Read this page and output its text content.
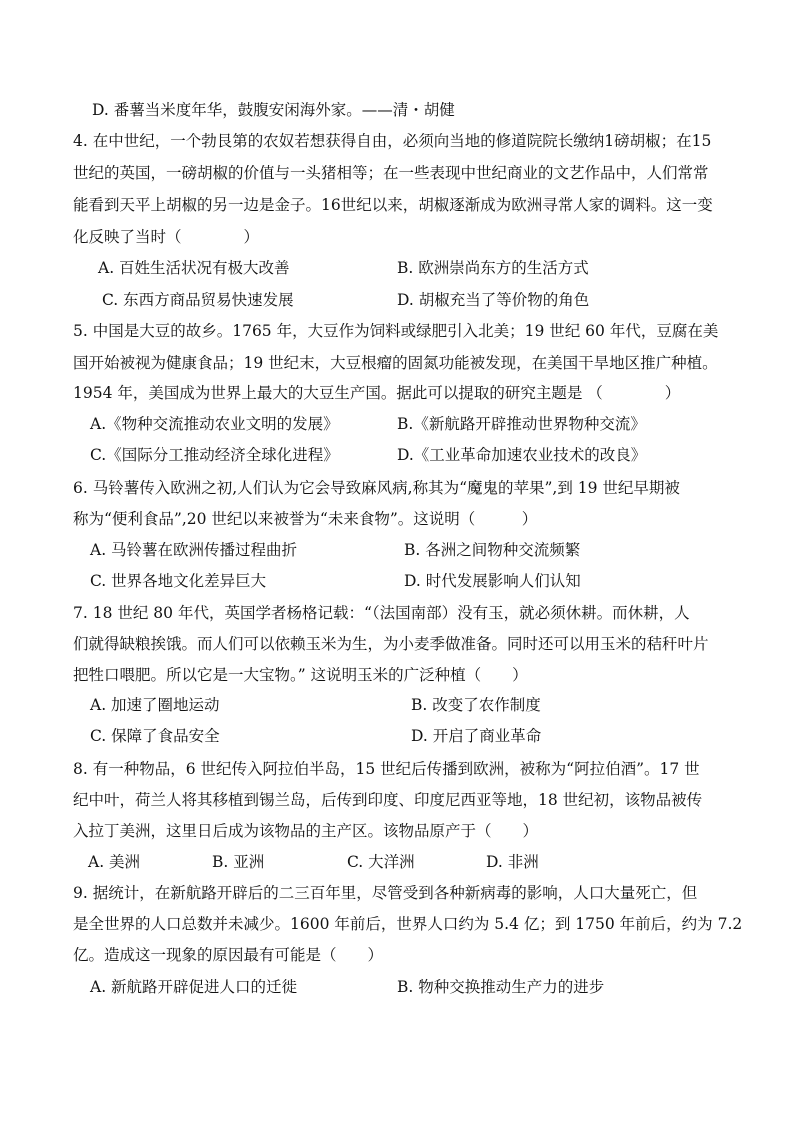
D. 番薯当米度年华，鼓腹安闲海外家。——清・胡健
4. 在中世纪，一个勃艮第的农奴若想获得自由，必须向当地的修道院院长缴纳1磅胡椒；在15
世纪的英国，一磅胡椒的价值与一头猪相等；在一些表现中世纪商业的文艺作品中，人们常常
能看到天平上胡椒的另一边是金子。16世纪以来，胡椒逐渐成为欧洲寻常人家的调料。这一变
化反映了当时（　　　　）
A. 百姓生活状况有极大改善	B. 欧洲崇尚东方的生活方式
C. 东西方商品贸易快速发展	D. 胡椒充当了等价物的角色
5. 中国是大豆的故乡。1765 年，大豆作为饲料或绿肥引入北美；19 世纪 60 年代，豆腐在美
国开始被视为健康食品；19 世纪末，大豆根瘤的固氮功能被发现，在美国干旱地区推广种植。
1954 年，美国成为世界上最大的大豆生产国。据此可以提取的研究主题是 （　　　　）
A.《物种交流推动农业文明的发展》	B.《新航路开辟推动世界物种交流》
C.《国际分工推动经济全球化进程》	D.《工业革命加速农业技术的改良》
6. 马铃薯传入欧洲之初,人们认为它会导致麻风病,称其为“魔鬼的苹果”,到 19 世纪早期被
称为“便利食品”,20 世纪以来被誉为“未来食物”。这说明（　　　）
A. 马铃薯在欧洲传播过程曲折	B. 各洲之间物种交流频繁
C. 世界各地文化差异巨大	D. 时代发展影响人们认知
7. 18 世纪 80 年代，英国学者杨格记载：“（法国南部）没有玉，就必须休耕。而休耕，人
们就得缺粮挨饿。而人们可以依赖玉米为生，为小麦季做准备。同时还可以用玉米的秸秆叶片
把牲口喂肥。所以它是一大宝物。” 这说明玉米的广泛种植（　　）
A. 加速了圈地运动	B. 改变了农作制度
C. 保障了食品安全	D. 开启了商业革命
8. 有一种物品，6 世纪传入阿拉伯半岛，15 世纪后传播到欧洲，被称为“阿拉伯酒”。17 世
纪中叶，荷兰人将其移植到锡兰岛，后传到印度、印度尼西亚等地，18 世纪初，该物品被传
入拉丁美洲，这里日后成为该物品的主产区。该物品原产于（　　）
A. 美洲	B. 亚洲	C. 大洋洲	D. 非洲
9. 据统计，在新航路开辟后的二三百年里，尽管受到各种新病毒的影响，人口大量死亡，但
是全世界的人口总数并未减少。1600 年前后，世界人口约为 5.4 亿；到 1750 年前后，约为 7.2
亿。造成这一现象的原因最有可能是（　　）
A. 新航路开辟促进人口的迁徙	B. 物种交换推动生产力的进步
